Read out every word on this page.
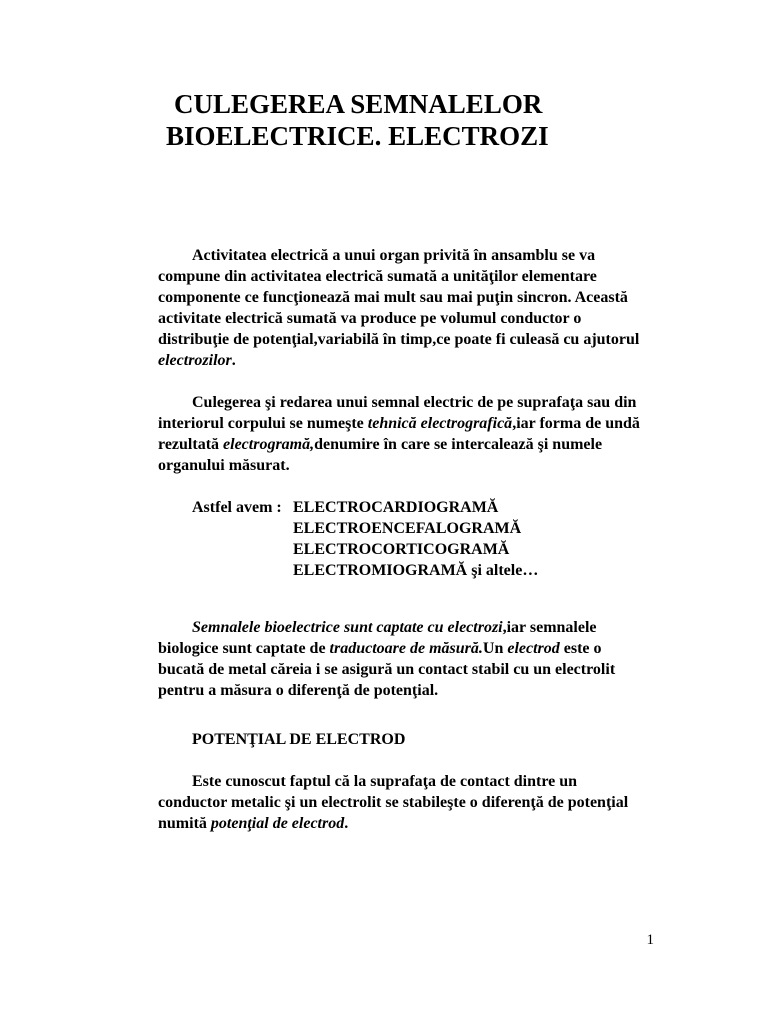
CULEGEREA SEMNALELOR
BIOELECTRICE. ELECTROZI

Activitatea electrică a unui organ privită în ansamblu se va compune din activitatea electrică sumată a unităţilor elementare componente ce funcţionează mai mult sau mai puţin sincron. Această activitate electrică sumată va produce pe volumul conductor o distribuţie de potenţial,variabilă în timp,ce poate fi culeasă cu ajutorul electrozilor.

Culegerea şi redarea unui semnal electric de pe suprafaţa sau din interiorul corpului se numeşte tehnică electrografică,iar forma de undă rezultată electrogramă,denumire în care se intercalează şi numele organului măsurat.

Astfel avem : ELECTROCARDIOGRAMĂ
ELECTROENCEFALOGRAMĂ
ELECTROCORTICOGRAMĂ
ELECTROMIOGRAMĂ şi altele…

Semnalele bioelectrice sunt captate cu electrozi,iar semnalele biologice sunt captate de traductoare de măsură.Un electrod este o bucată de metal căreia i se asigură un contact stabil cu un electrolit pentru a măsura o diferenţă de potenţial.

POTENŢIAL DE ELECTROD

Este cunoscut faptul că la suprafaţa de contact dintre un conductor metalic şi un electrolit se stabileşte o diferenţă de potenţial numită potenţial de electrod.

1
